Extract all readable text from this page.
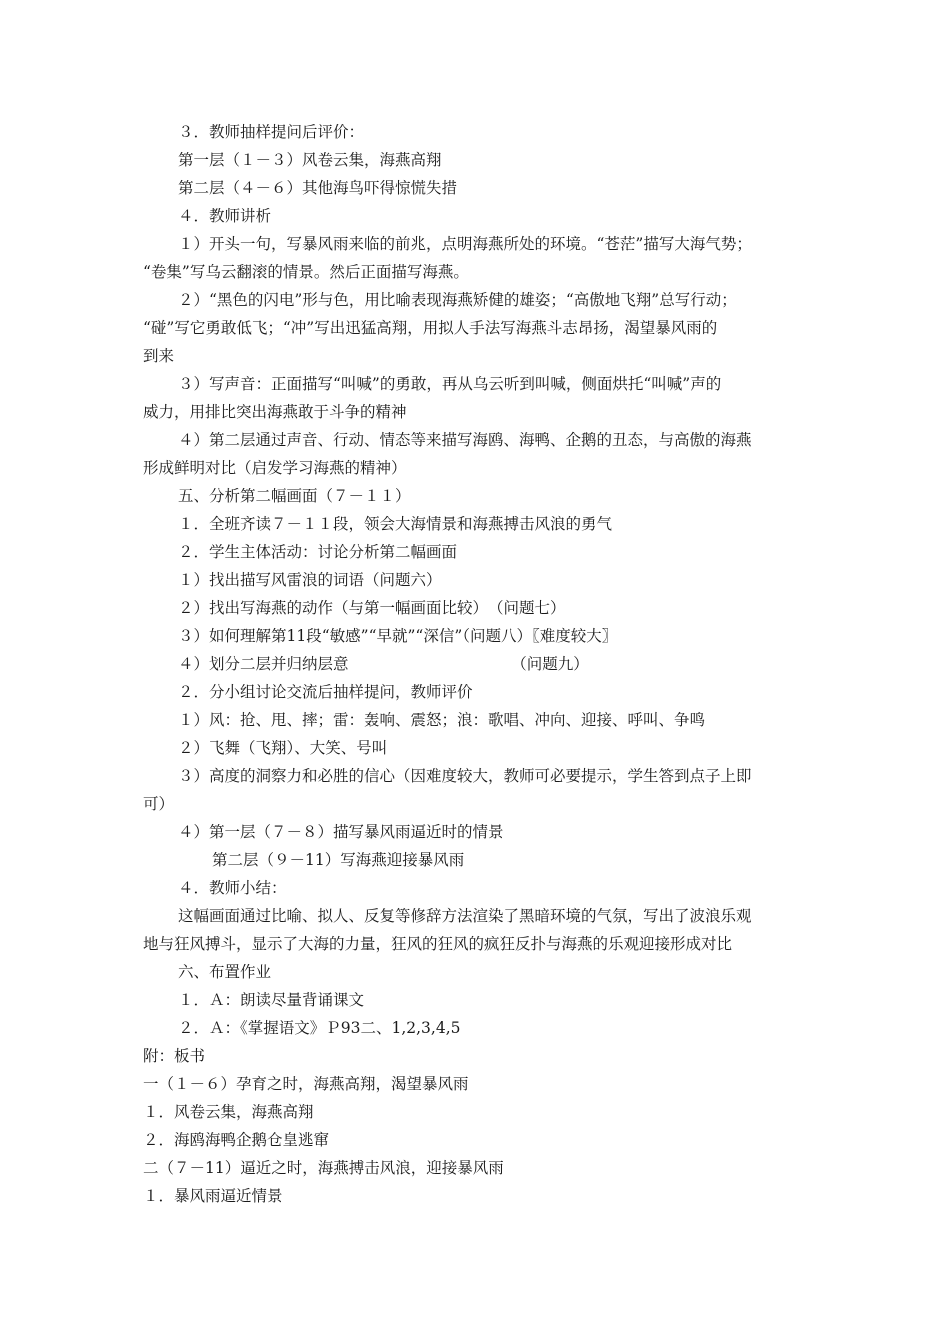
３．教师抽样提问后评价：
第一层（１－３）风卷云集，海燕高翔
第二层（４－６）其他海鸟吓得惊慌失措
４．教师讲析
１）开头一句，写暴风雨来临的前兆，点明海燕所处的环境。“苍茫”描写大海气势；
“卷集”写乌云翻滚的情景。然后正面描写海燕。
２）“黑色的闪电”形与色，用比喻表现海燕矫健的雄姿；“高傲地飞翔”总写行动；
“碰”写它勇敢低飞；“冲”写出迅猛高翔，用拟人手法写海燕斗志昂扬，渴望暴风雨的
到来
３）写声音：正面描写“叫喊”的勇敢，再从乌云听到叫喊，侧面烘托“叫喊”声的
威力，用排比突出海燕敢于斗争的精神
４）第二层通过声音、行动、情态等来描写海鸥、海鸭、企鹅的丑态，与高傲的海燕
形成鲜明对比（启发学习海燕的精神）
五、分析第二幅画面（７－１１）
１．全班齐读７－１１段，领会大海情景和海燕搏击风浪的勇气
２．学生主体活动：讨论分析第二幅画面
１）找出描写风雷浪的词语（问题六）
２）找出写海燕的动作（与第一幅画面比较）　（问题七）
３）如何理解第11段“敏感”“早就”“深信”（问题八）〖难度较大〗
４）划分二层并归纳层意　　　　　　　　　　　（问题九）
２．分小组讨论交流后抽样提问，教师评价
１）风：抢、甩、摔；雷：轰响、震怒；浪：歌唱、冲向、迎接、呼叫、争鸣
２）飞舞（飞翔）、大笑、号叫
３）高度的洞察力和必胜的信心（因难度较大，教师可必要提示，学生答到点子上即
可）
４）第一层（７－８）描写暴风雨逼近时的情景
第二层（９－11）写海燕迎接暴风雨
４．教师小结：
这幅画面通过比喻、拟人、反复等修辞方法渲染了黑暗环境的气氛，写出了波浪乐观
地与狂风搏斗，显示了大海的力量，狂风的狂风的疯狂反扑与海燕的乐观迎接形成对比
六、布置作业
１．Ａ：朗读尽量背诵课文
２．Ａ：《掌握语文》Ｐ93二、1,2,3,4,5
附：板书
一（１－６）孕育之时，海燕高翔，渴望暴风雨
１．风卷云集，海燕高翔
２．海鸥海鸭企鹅仓皇逃窜
二（７－11）逼近之时，海燕搏击风浪，迎接暴风雨
１．暴风雨逼近情景
